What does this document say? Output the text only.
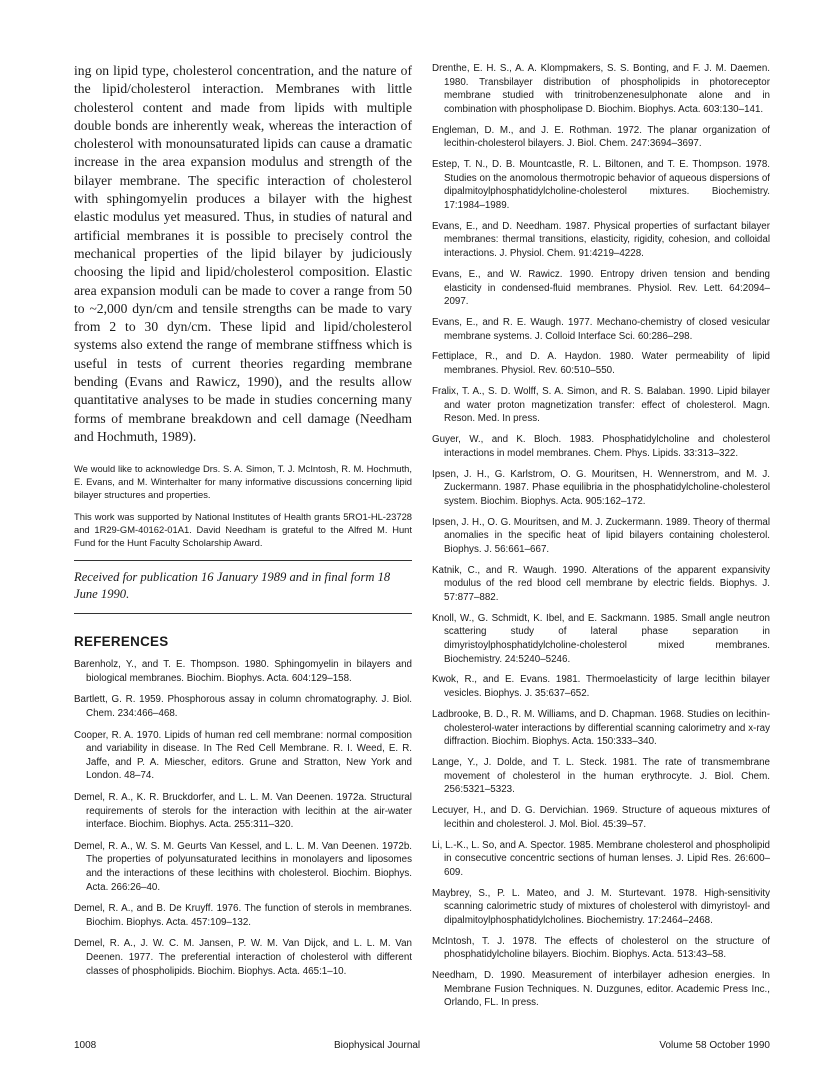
ing on lipid type, cholesterol concentration, and the nature of the lipid/cholesterol interaction. Membranes with little cholesterol content and made from lipids with multiple double bonds are inherently weak, whereas the interaction of cholesterol with monounsaturated lipids can cause a dramatic increase in the area expansion modulus and strength of the bilayer membrane. The specific interaction of cholesterol with sphingomyelin produces a bilayer with the highest elastic modulus yet measured. Thus, in studies of natural and artificial membranes it is possible to precisely control the mechanical properties of the lipid bilayer by judiciously choosing the lipid and lipid/cholesterol composition. Elastic area expansion moduli can be made to cover a range from 50 to ~2,000 dyn/cm and tensile strengths can be made to vary from 2 to 30 dyn/cm. These lipid and lipid/cholesterol systems also extend the range of membrane stiffness which is useful in tests of current theories regarding membrane bending (Evans and Rawicz, 1990), and the results allow quantitative analyses to be made in studies concerning many forms of membrane breakdown and cell damage (Needham and Hochmuth, 1989).

We would like to acknowledge Drs. S. A. Simon, T. J. McIntosh, R. M. Hochmuth, E. Evans, and M. Winterhalter for many informative discussions concerning lipid bilayer structures and properties.

This work was supported by National Institutes of Health grants 5RO1-HL-23728 and 1R29-GM-40162-01A1. David Needham is grateful to the Alfred M. Hunt Fund for the Hunt Faculty Scholarship Award.

Received for publication 16 January 1989 and in final form 18 June 1990.

REFERENCES
Barenholz, Y., and T. E. Thompson. 1980. Sphingomyelin in bilayers and biological membranes. Biochim. Biophys. Acta. 604:129–158.
Bartlett, G. R. 1959. Phosphorous assay in column chromatography. J. Biol. Chem. 234:466–468.
Cooper, R. A. 1970. Lipids of human red cell membrane: normal composition and variability in disease. In The Red Cell Membrane. R. I. Weed, E. R. Jaffe, and P. A. Miescher, editors. Grune and Stratton, New York and London. 48–74.
Demel, R. A., K. R. Bruckdorfer, and L. L. M. Van Deenen. 1972a. Structural requirements of sterols for the interaction with lecithin at the air-water interface. Biochim. Biophys. Acta. 255:311–320.
Demel, R. A., W. S. M. Geurts Van Kessel, and L. L. M. Van Deenen. 1972b. The properties of polyunsaturated lecithins in monolayers and liposomes and the interactions of these lecithins with cholesterol. Biochim. Biophys. Acta. 266:26–40.
Demel, R. A., and B. De Kruyff. 1976. The function of sterols in membranes. Biochim. Biophys. Acta. 457:109–132.
Demel, R. A., J. W. C. M. Jansen, P. W. M. Van Dijck, and L. L. M. Van Deenen. 1977. The preferential interaction of cholesterol with different classes of phospholipids. Biochim. Biophys. Acta. 465:1–10.
Drenthe, E. H. S., A. A. Klompmakers, S. S. Bonting, and F. J. M. Daemen. 1980. Transbilayer distribution of phospholipids in photoreceptor membrane studied with trinitrobenzenesulphonate alone and in combination with phospholipase D. Biochim. Biophys. Acta. 603:130–141.
Engleman, D. M., and J. E. Rothman. 1972. The planar organization of lecithin-cholesterol bilayers. J. Biol. Chem. 247:3694–3697.
Estep, T. N., D. B. Mountcastle, R. L. Biltonen, and T. E. Thompson. 1978. Studies on the anomolous thermotropic behavior of aqueous dispersions of dipalmitoylphosphatidylcholine-cholesterol mixtures. Biochemistry. 17:1984–1989.
Evans, E., and D. Needham. 1987. Physical properties of surfactant bilayer membranes: thermal transitions, elasticity, rigidity, cohesion, and colloidal interactions. J. Physiol. Chem. 91:4219–4228.
Evans, E., and W. Rawicz. 1990. Entropy driven tension and bending elasticity in condensed-fluid membranes. Physiol. Rev. Lett. 64:2094–2097.
Evans, E., and R. E. Waugh. 1977. Mechano-chemistry of closed vesicular membrane systems. J. Colloid Interface Sci. 60:286–298.
Fettiplace, R., and D. A. Haydon. 1980. Water permeability of lipid membranes. Physiol. Rev. 60:510–550.
Fralix, T. A., S. D. Wolff, S. A. Simon, and R. S. Balaban. 1990. Lipid bilayer and water proton magnetization transfer: effect of cholesterol. Magn. Reson. Med. In press.
Guyer, W., and K. Bloch. 1983. Phosphatidylcholine and cholesterol interactions in model membranes. Chem. Phys. Lipids. 33:313–322.
Ipsen, J. H., G. Karlstrom, O. G. Mouritsen, H. Wennerstrom, and M. J. Zuckermann. 1987. Phase equilibria in the phosphatidylcholine-cholesterol system. Biochim. Biophys. Acta. 905:162–172.
Ipsen, J. H., O. G. Mouritsen, and M. J. Zuckermann. 1989. Theory of thermal anomalies in the specific heat of lipid bilayers containing cholesterol. Biophys. J. 56:661–667.
Katnik, C., and R. Waugh. 1990. Alterations of the apparent expansivity modulus of the red blood cell membrane by electric fields. Biophys. J. 57:877–882.
Knoll, W., G. Schmidt, K. Ibel, and E. Sackmann. 1985. Small angle neutron scattering study of lateral phase separation in dimyristoylphosphatidylcholine-cholesterol mixed membranes. Biochemistry. 24:5240–5246.
Kwok, R., and E. Evans. 1981. Thermoelasticity of large lecithin bilayer vesicles. Biophys. J. 35:637–652.
Ladbrooke, B. D., R. M. Williams, and D. Chapman. 1968. Studies on lecithin-cholesterol-water interactions by differential scanning calorimetry and x-ray diffraction. Biochim. Biophys. Acta. 150:333–340.
Lange, Y., J. Dolde, and T. L. Steck. 1981. The rate of transmembrane movement of cholesterol in the human erythrocyte. J. Biol. Chem. 256:5321–5323.
Lecuyer, H., and D. G. Dervichian. 1969. Structure of aqueous mixtures of lecithin and cholesterol. J. Mol. Biol. 45:39–57.
Li, L.-K., L. So, and A. Spector. 1985. Membrane cholesterol and phospholipid in consecutive concentric sections of human lenses. J. Lipid Res. 26:600–609.
Maybrey, S., P. L. Mateo, and J. M. Sturtevant. 1978. High-sensitivity scanning calorimetric study of mixtures of cholesterol with dimyristoyl- and dipalmitoylphosphatidylcholines. Biochemistry. 17:2464–2468.
McIntosh, T. J. 1978. The effects of cholesterol on the structure of phosphatidylcholine bilayers. Biochim. Biophys. Acta. 513:43–58.
Needham, D. 1990. Measurement of interbilayer adhesion energies. In Membrane Fusion Techniques. N. Duzgunes, editor. Academic Press Inc., Orlando, FL. In press.
1008	Biophysical Journal	Volume 58 October 1990
